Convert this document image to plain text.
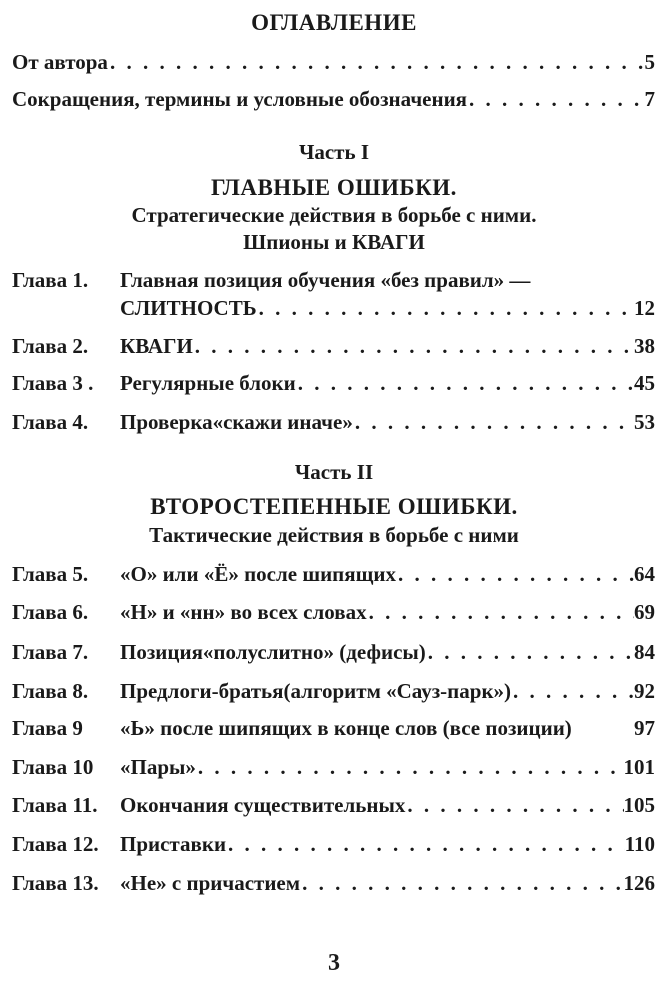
ОГЛАВЛЕНИЕ
От автора . . .	5
Сокращения, термины и условные обозначения . . .	7
Часть I
ГЛАВНЫЕ ОШИБКИ.
Стратегические действия в борьбе с ними.
Шпионы и КВАГИ
Глава 1. Главная позиция обучения «без правил» —
СЛИТНОСТЬ . . .	12
Глава 2. КВАГИ . . .	38
Глава 3 . Регулярные блоки . . .	45
Глава 4. Проверка«скажи иначе» . . .	53
Часть II
ВТОРОСТЕПЕННЫЕ ОШИБКИ.
Тактические действия в борьбе с ними
Глава 5. «О» или «Ё» после шипящих . . .	64
Глава 6. «Н» и «нн» во всех словах . . .	69
Глава 7. Позиция«полуслитно» (дефисы) . . .	84
Глава 8. Предлоги-братья(алгоритм «Сауз-парк») . . .	92
Глава 9 «Ь» после шипящих в конце слов (все позиции)	97
Глава 10 «Пары» . . .	101
Глава 11. Окончания существительных . . .	105
Глава 12. Приставки . . .	110
Глава 13. «Не» с причастием . . .	126
3
